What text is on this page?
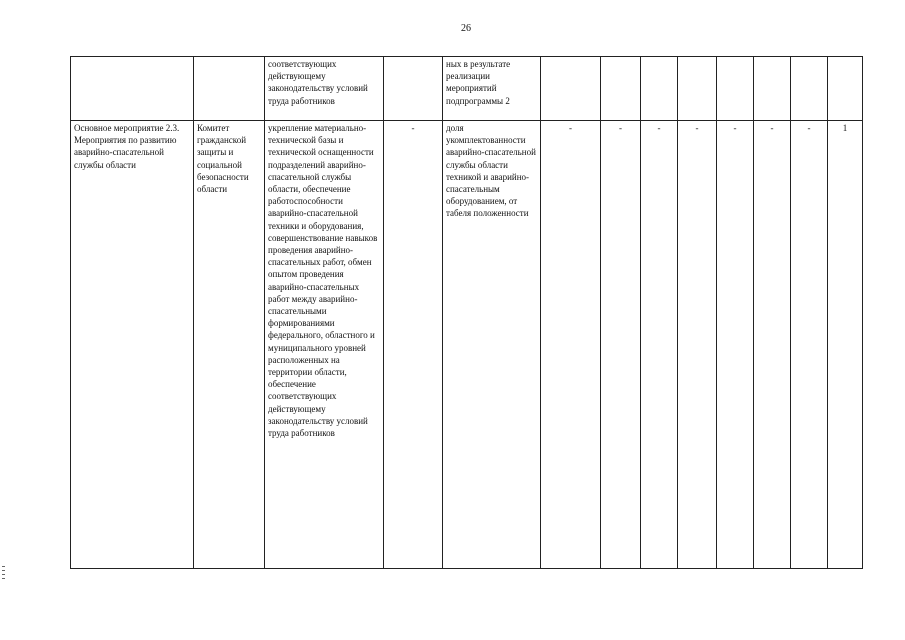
26
		соответствующих действующему законодательству условий труда работников		ных в результате реализации мероприятий подпрограммы 2								
Основное мероприятие 2.3. Мероприятия по развитию аварийно-спасательной службы области	Комитет гражданской защиты и социальной безопасности области	укрепление материально-технической базы и технической оснащенности подразделений аварийно-спасательной службы области, обеспечение работоспособности аварийно-спасательной техники и оборудования, совершенствование навыков проведения аварийно-спасательных работ, обмен опытом проведения аварийно-спасательных работ между аварийно-спасательными формированиями федерального, областного и муниципального уровней расположенных на территории области, обеспечение соответствующих действующему законодательству условий труда работников	-	доля укомплектованности аварийно-спасательной службы области техникой и аварийно-спасательным оборудованием, от табеля положенности	-	-	-	-	-	-	-	1
